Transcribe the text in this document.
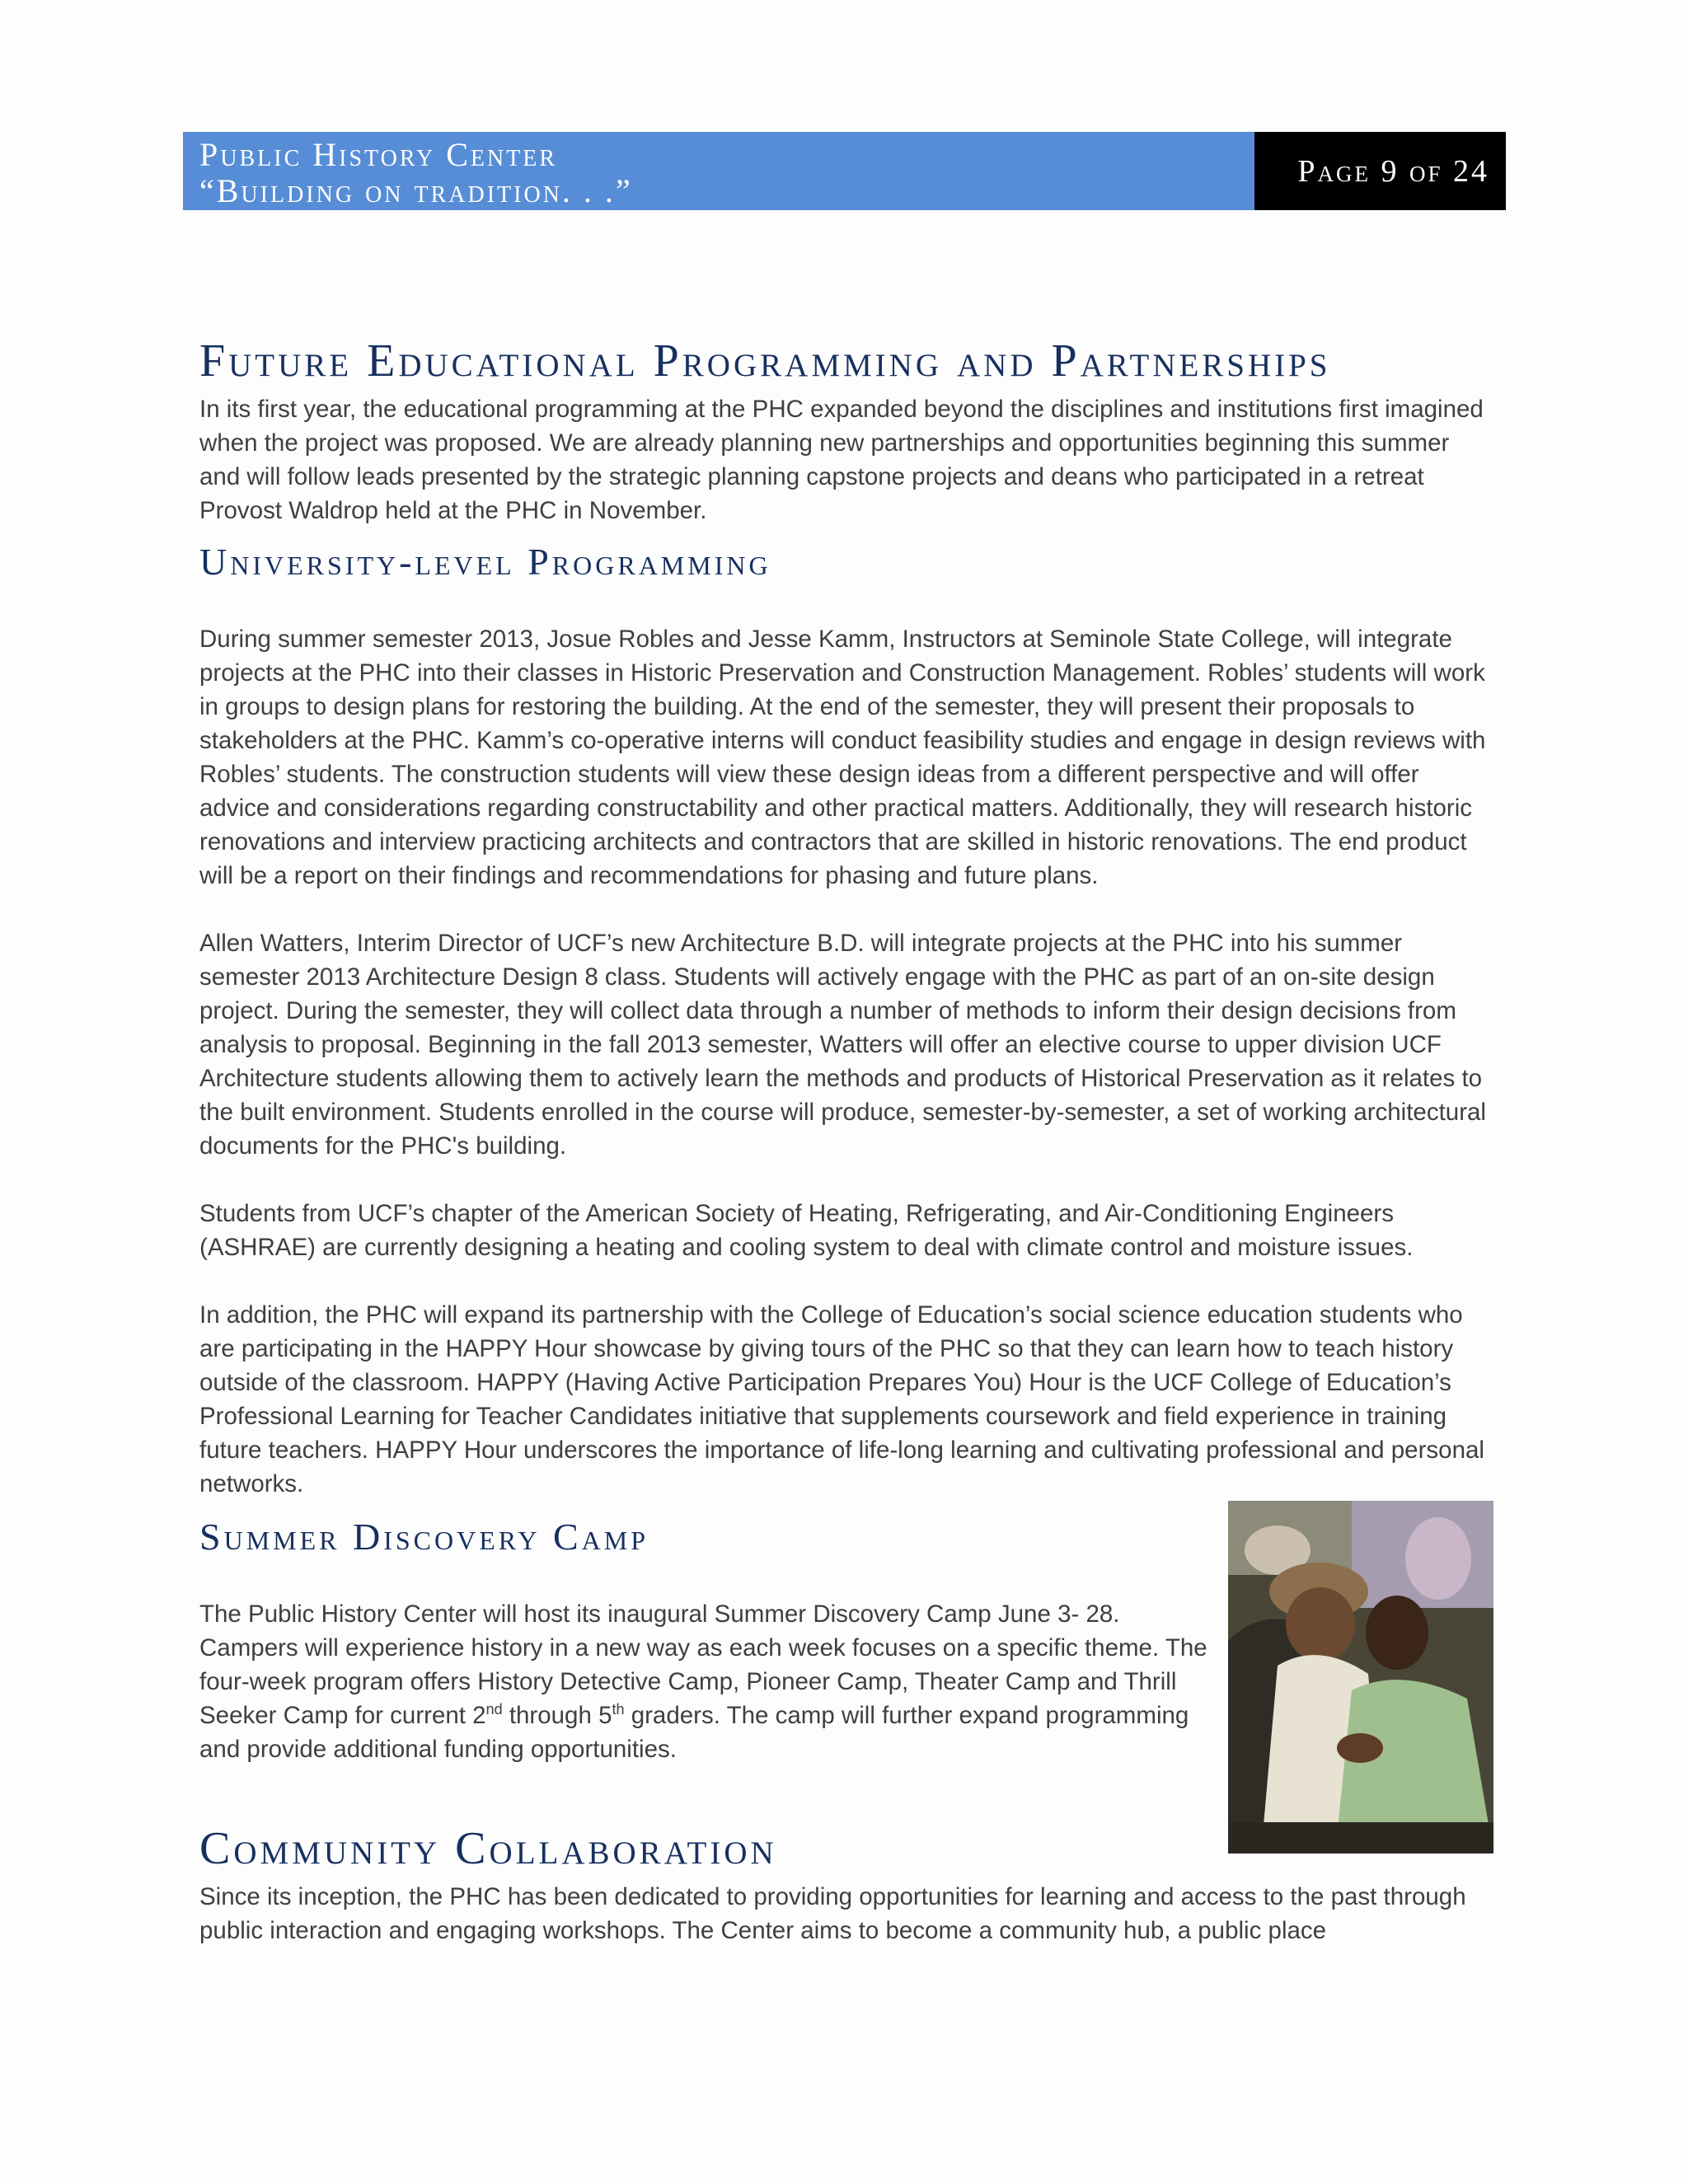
Public History Center
“Building on tradition. . .”
Page 9 of 24
Future Educational Programming and Partnerships

In its first year, the educational programming at the PHC expanded beyond the disciplines and institutions first imagined when the project was proposed. We are already planning new partnerships and opportunities beginning this summer and will follow leads presented by the strategic planning capstone projects and deans who participated in a retreat Provost Waldrop held at the PHC in November.

University-level Programming

During summer semester 2013, Josue Robles and Jesse Kamm, Instructors at Seminole State College, will integrate projects at the PHC into their classes in Historic Preservation and Construction Management. Robles’ students will work in groups to design plans for restoring the building. At the end of the semester, they will present their proposals to stakeholders at the PHC. Kamm’s co-operative interns will conduct feasibility studies and engage in design reviews with Robles’ students. The construction students will view these design ideas from a different perspective and will offer advice and considerations regarding constructability and other practical matters. Additionally, they will research historic renovations and interview practicing architects and contractors that are skilled in historic renovations. The end product will be a report on their findings and recommendations for phasing and future plans.

Allen Watters, Interim Director of UCF’s new Architecture B.D. will integrate projects at the PHC into his summer semester 2013 Architecture Design 8 class. Students will actively engage with the PHC as part of an on-site design project. During the semester, they will collect data through a number of methods to inform their design decisions from analysis to proposal. Beginning in the fall 2013 semester, Watters will offer an elective course to upper division UCF Architecture students allowing them to actively learn the methods and products of Historical Preservation as it relates to the built environment. Students enrolled in the course will produce, semester-by-semester, a set of working architectural documents for the PHC's building.

Students from UCF’s chapter of the American Society of Heating, Refrigerating, and Air-Conditioning Engineers (ASHRAE) are currently designing a heating and cooling system to deal with climate control and moisture issues.

In addition, the PHC will expand its partnership with the College of Education’s social science education students who are participating in the HAPPY Hour showcase by giving tours of the PHC so that they can learn how to teach history outside of the classroom. HAPPY (Having Active Participation Prepares You) Hour is the UCF College of Education’s Professional Learning for Teacher Candidates initiative that supplements coursework and field experience in training future teachers. HAPPY Hour underscores the importance of life-long learning and cultivating professional and personal networks.

Summer Discovery Camp

The Public History Center will host its inaugural Summer Discovery Camp June 3- 28. Campers will experience history in a new way as each week focuses on a specific theme. The four-week program offers History Detective Camp, Pioneer Camp, Theater Camp and Thrill Seeker Camp for current 2nd through 5th graders. The camp will further expand programming and provide additional funding opportunities.

Community Collaboration

Since its inception, the PHC has been dedicated to providing opportunities for learning and access to the past through public interaction and engaging workshops. The Center aims to become a community hub, a public place
